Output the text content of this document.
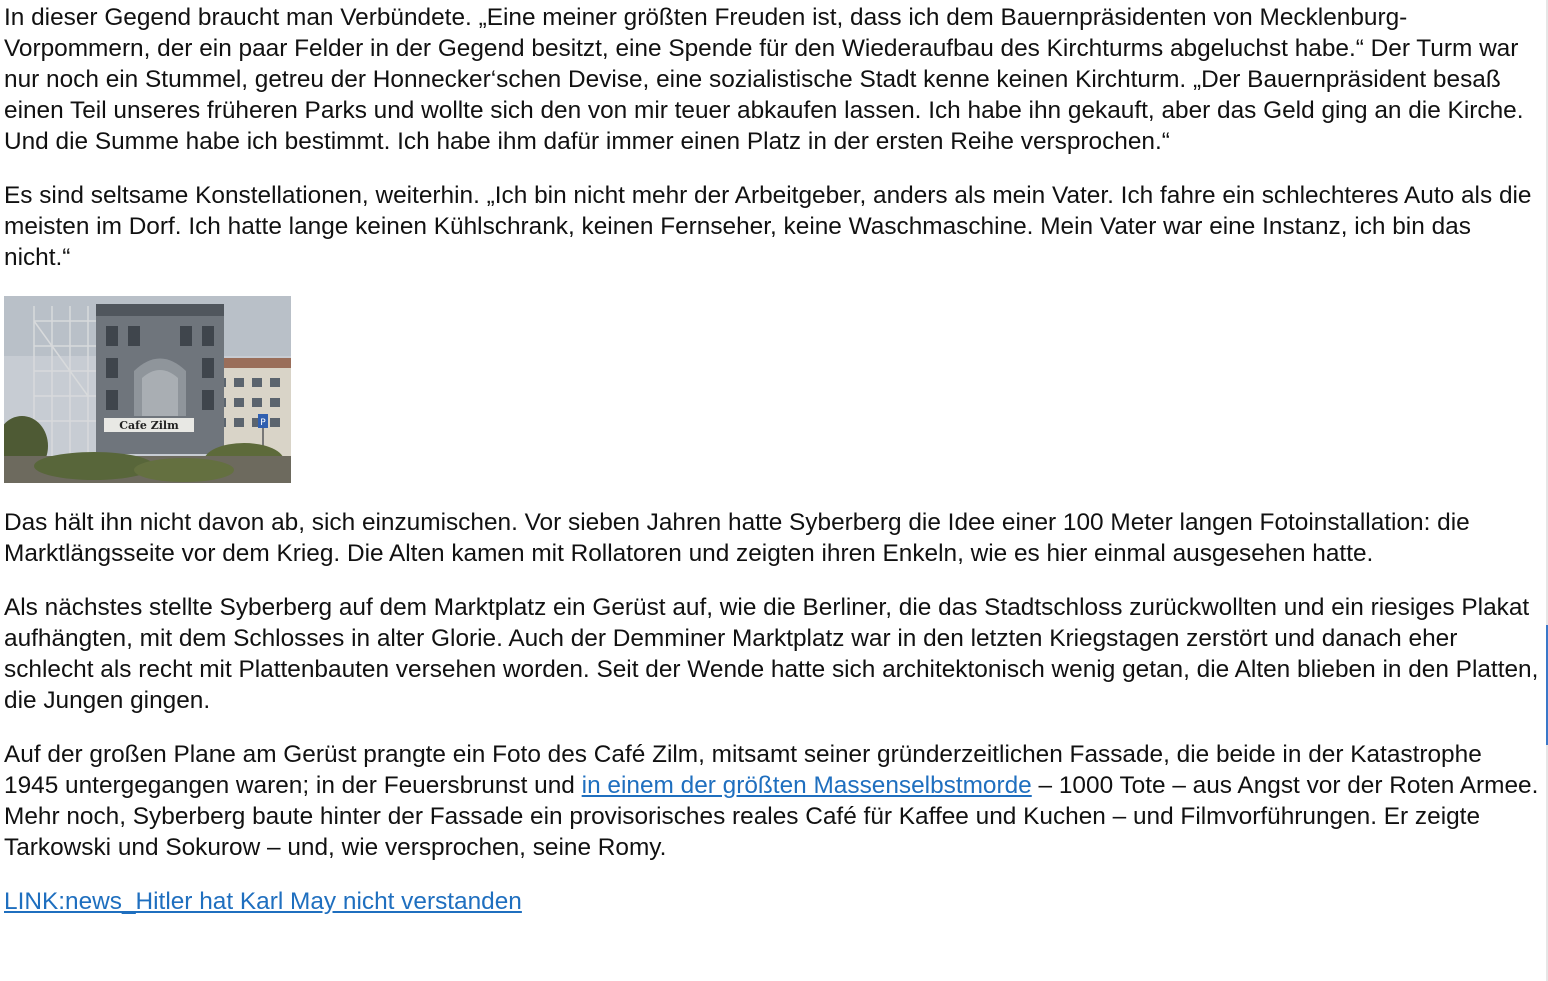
In dieser Gegend braucht man Verbündete. „Eine meiner größten Freuden ist, dass ich dem Bauernpräsidenten von Mecklenburg-Vorpommern, der ein paar Felder in der Gegend besitzt, eine Spende für den Wiederaufbau des Kirchturms abgeluchst habe.“ Der Turm war nur noch ein Stummel, getreu der Honnecker‘schen Devise, eine sozialistische Stadt kenne keinen Kirchturm. „Der Bauernpräsident besaß einen Teil unseres früheren Parks und wollte sich den von mir teuer abkaufen lassen. Ich habe ihn gekauft, aber das Geld ging an die Kirche. Und die Summe habe ich bestimmt. Ich habe ihm dafür immer einen Platz in der ersten Reihe versprochen.“

Es sind seltsame Konstellationen, weiterhin. „Ich bin nicht mehr der Arbeitgeber, anders als mein Vater. Ich fahre ein schlechteres Auto als die meisten im Dorf. Ich hatte lange keinen Kühlschrank, keinen Fernseher, keine Waschmaschine. Mein Vater war eine Instanz, ich bin das nicht.“

Cafe Zilm	P

Das hält ihn nicht davon ab, sich einzumischen. Vor sieben Jahren hatte Syberberg die Idee einer 100 Meter langen Fotoinstallation: die Marktlängsseite vor dem Krieg. Die Alten kamen mit Rollatoren und zeigten ihren Enkeln, wie es hier einmal ausgesehen hatte.

Als nächstes stellte Syberberg auf dem Marktplatz ein Gerüst auf, wie die Berliner, die das Stadtschloss zurückwollten und ein riesiges Plakat aufhängten, mit dem Schlosses in alter Glorie. Auch der Demminer Marktplatz war in den letzten Kriegstagen zerstört und danach eher schlecht als recht mit Plattenbauten versehen worden. Seit der Wende hatte sich architektonisch wenig getan, die Alten blieben in den Platten, die Jungen gingen.

Auf der großen Plane am Gerüst prangte ein Foto des Café Zilm, mitsamt seiner gründerzeitlichen Fassade, die beide in der Katastrophe 1945 untergegangen waren; in der Feuersbrunst und in einem der größten Massenselbstmorde – 1000 Tote – aus Angst vor der Roten Armee. Mehr noch, Syberberg baute hinter der Fassade ein provisorisches reales Café für Kaffee und Kuchen – und Filmvorführungen. Er zeigte Tarkowski und Sokurow – und, wie versprochen, seine Romy.

LINK:news_Hitler hat Karl May nicht verstanden
